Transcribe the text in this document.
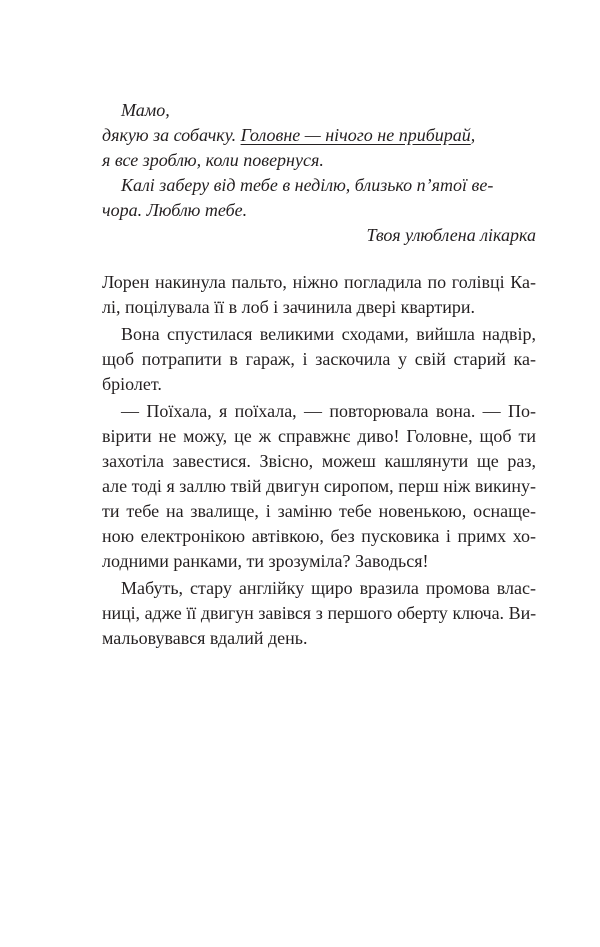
Мамо,
дякую за собачку. Головне — нічого не прибирай,
я все зроблю, коли повернуся.
Калі заберу від тебе в неділю, близько п’ятої ве-
чора. Люблю тебе.
Твоя улюблена лікарка
Лорен накинула пальто, ніжно погладила по голівці Ка-
лі, поцілувала її в лоб і зачинила двері квартири.
Вона спустилася великими сходами, вийшла надвір,
щоб потрапити в гараж, і заскочила у свій старий ка-
бріолет.
— Поїхала, я поїхала, — повторювала вона. — По-
вірити не можу, це ж справжнє диво! Головне, щоб ти
захотіла завестися. Звісно, можеш кашлянути ще раз,
але тоді я заллю твій двигун сиропом, перш ніж викину-
ти тебе на звалище, і заміню тебе новенькою, оснаще-
ною електронікою автівкою, без пусковика і примх хо-
лодними ранками, ти зрозуміла? Заводься!
Мабуть, стару англійку щиро вразила промова влас-
ниці, адже її двигун завівся з першого оберту ключа. Ви-
мальовувався вдалий день.
